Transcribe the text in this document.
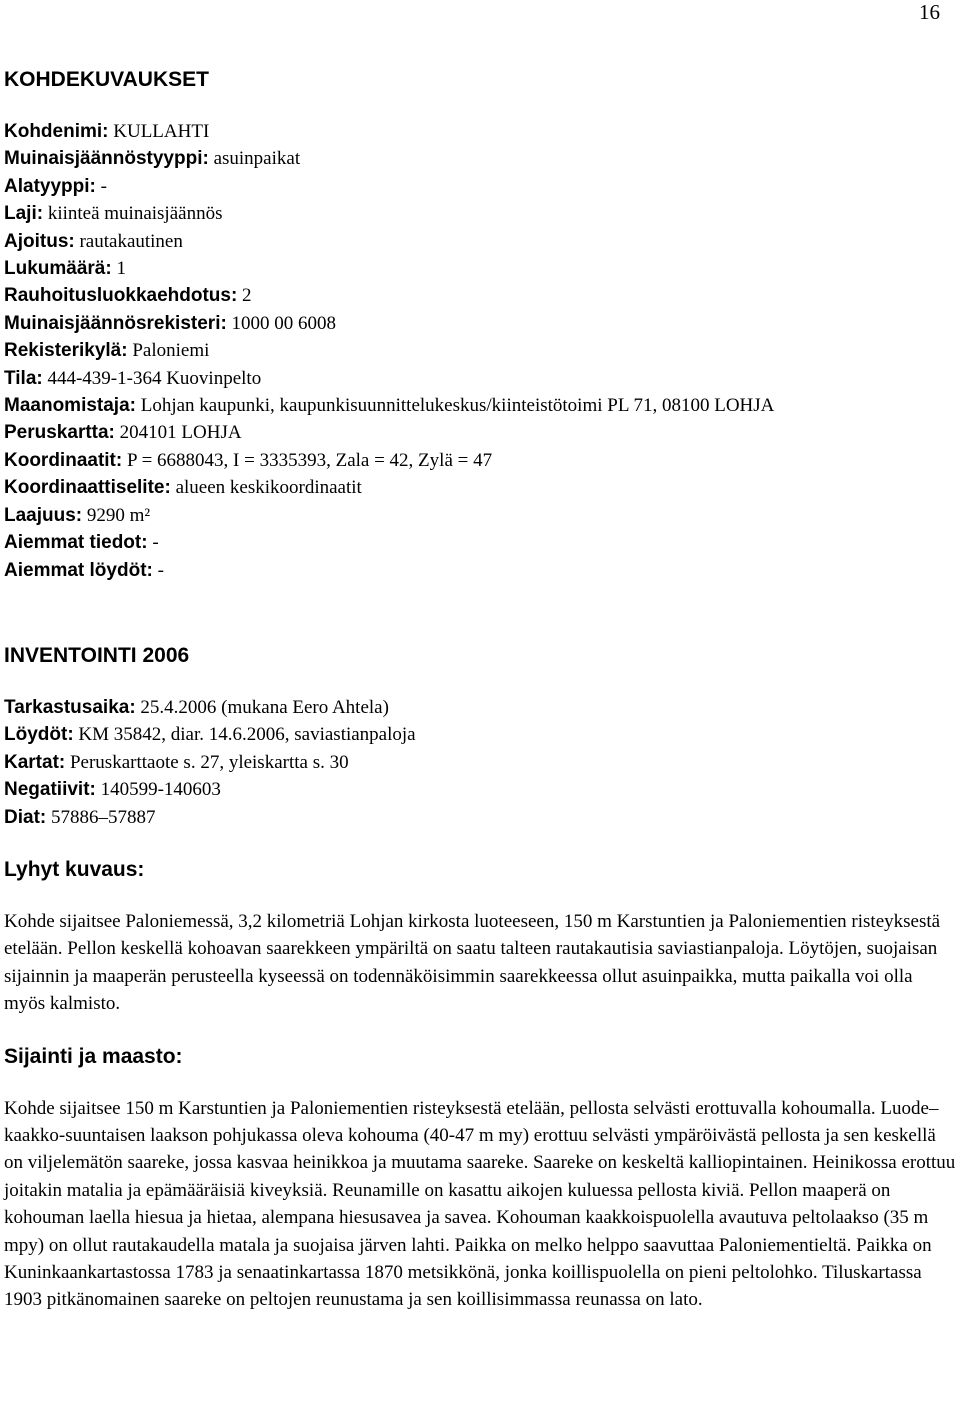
16
KOHDEKUVAUKSET

Kohdenimi: KULLAHTI

Muinaisjäännöstyyppi: asuinpaikat

Alatyyppi: -

Laji: kiinteä muinaisjäännös

Ajoitus: rautakautinen

Lukumäärä: 1

Rauhoitusluokkaehdotus: 2

Muinaisjäännösrekisteri: 1000 00 6008

Rekisterikylä: Paloniemi

Tila: 444-439-1-364 Kuovinpelto

Maanomistaja: Lohjan kaupunki, kaupunkisuunnittelukeskus/kiinteistötoimi PL 71, 08100 LOHJA

Peruskartta: 204101 LOHJA

Koordinaatit: P = 6688043, I = 3335393, Zala = 42, Zylä = 47

Koordinaattiselite: alueen keskikoordinaatit

Laajuus: 9290 m²

Aiemmat tiedot: -

Aiemmat löydöt: -

INVENTOINTI 2006

Tarkastusaika: 25.4.2006 (mukana Eero Ahtela)

Löydöt: KM 35842, diar. 14.6.2006, saviastianpaloja

Kartat: Peruskarttaote s. 27, yleiskartta s. 30

Negatiivit: 140599-140603

Diat: 57886–57887

Lyhyt kuvaus:

Kohde sijaitsee Paloniemessä, 3,2 kilometriä Lohjan kirkosta luoteeseen, 150 m Karstuntien ja Paloniementien risteyksestä etelään. Pellon keskellä kohoavan saarekkeen ympäriltä on saatu talteen rautakautisia saviastianpaloja. Löytöjen, suojaisan sijainnin ja maaperän perusteella kyseessä on todennäköisimmin saarekkeessa ollut asuinpaikka, mutta paikalla voi olla myös kalmisto.

Sijainti ja maasto:

Kohde sijaitsee 150 m Karstuntien ja Paloniementien risteyksestä etelään, pellosta selvästi erottuvalla kohoumalla. Luode–kaakko-suuntaisen laakson pohjukassa oleva kohouma (40-47 m my) erottuu selvästi ympäröivästä pellosta ja sen keskellä on viljelemätön saareke, jossa kasvaa heinikkoa ja muutama saareke. Saareke on keskeltä kalliopintainen. Heinikossa erottuu joitakin matalia ja epämääräisiä kiveyksiä. Reunamille on kasattu aikojen kuluessa pellosta kiviä. Pellon maaperä on kohouman laella hiesua ja hietaa, alempana hiesusavea ja savea. Kohouman kaakkoispuolella avautuva peltolaakso (35 m mpy) on ollut rautakaudella matala ja suojaisa järven lahti. Paikka on melko helppo saavuttaa Paloniementieltä. Paikka on Kuninkaankartastossa 1783 ja senaatinkartassa 1870 metsikkönä, jonka koillispuolella on pieni peltolohko. Tiluskartassa 1903 pitkänomainen saareke on peltojen reunustama ja sen koillisimmassa reunassa on lato.
